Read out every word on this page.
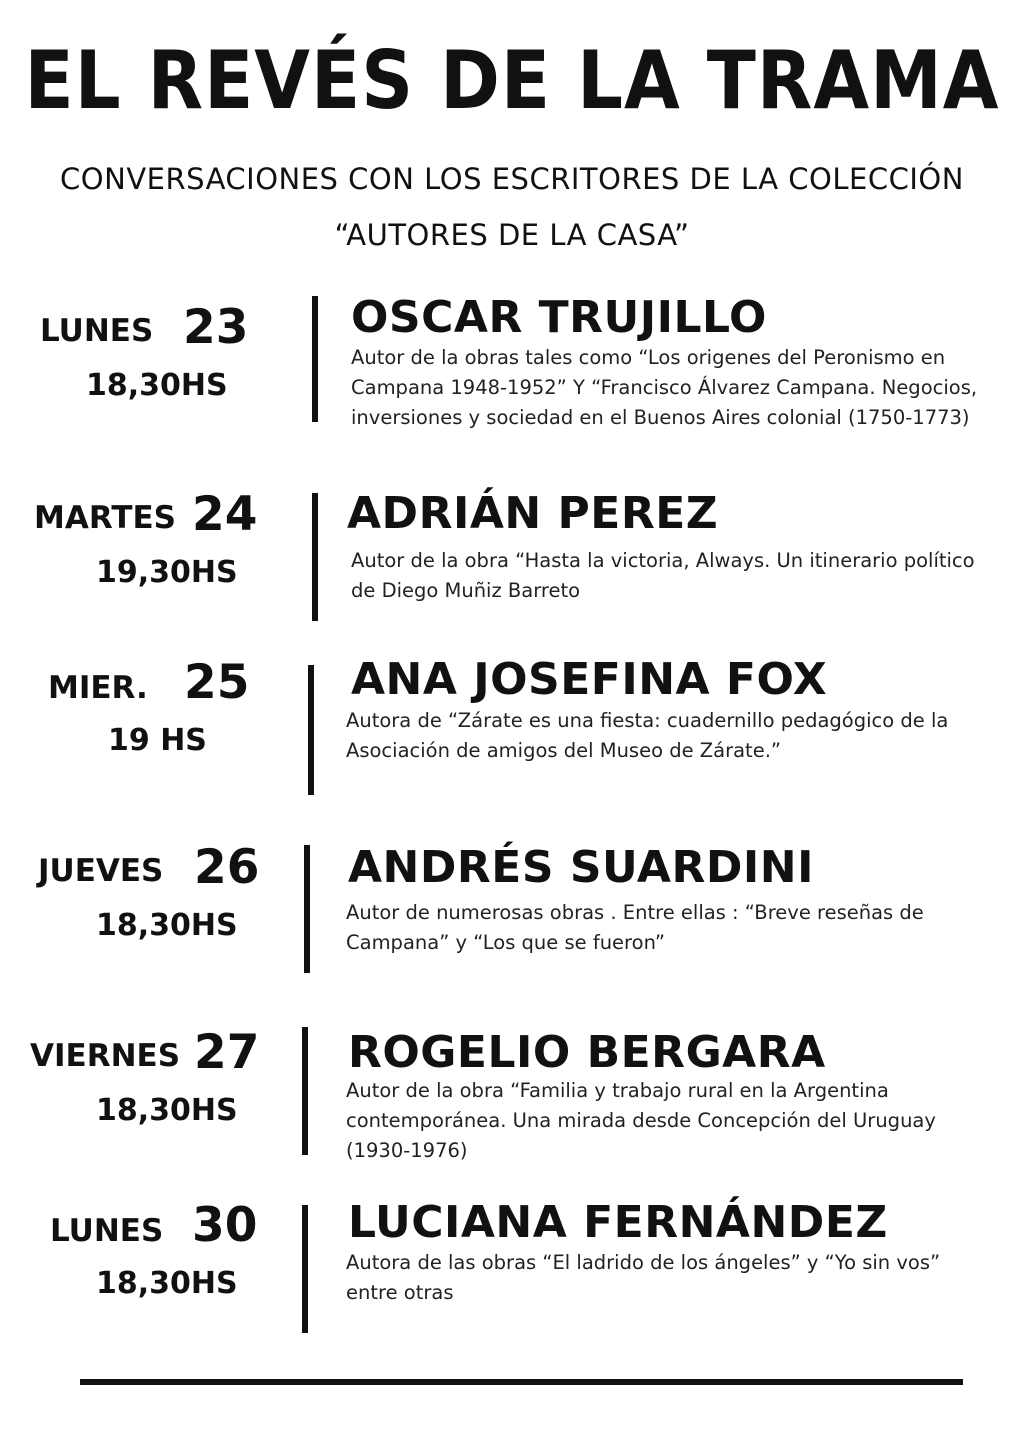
EL REVÉS DE LA TRAMA

CONVERSACIONES CON LOS ESCRITORES DE LA COLECCIÓN

“AUTORES DE LA CASA”

LUNES 23
18,30HS
OSCAR TRUJILLO
Autor de la obras tales como “Los origenes del Peronismo en Campana 1948-1952” Y “Francisco Álvarez Campana. Negocios, inversiones y sociedad en el Buenos Aires colonial (1750-1773)
MARTES 24
19,30HS
ADRIÁN PEREZ
Autor de la obra “Hasta la victoria, Always. Un itinerario político de Diego Muñiz Barreto
MIER. 25
19 HS
ANA JOSEFINA FOX
Autora de “Zárate es una fiesta: cuadernillo pedagógico de la Asociación de amigos del Museo de Zárate.”
JUEVES 26
18,30HS
ANDRÉS SUARDINI
Autor de numerosas obras . Entre ellas : “Breve reseñas de Campana” y “Los que se fueron”
VIERNES 27
18,30HS
ROGELIO BERGARA
Autor de la obra “Familia y trabajo rural en la Argentina contemporánea. Una mirada desde Concepción del Uruguay (1930-1976)
LUNES 30
18,30HS
LUCIANA FERNÁNDEZ
Autora de las obras “El ladrido de los ángeles” y “Yo sin vos” entre otras
